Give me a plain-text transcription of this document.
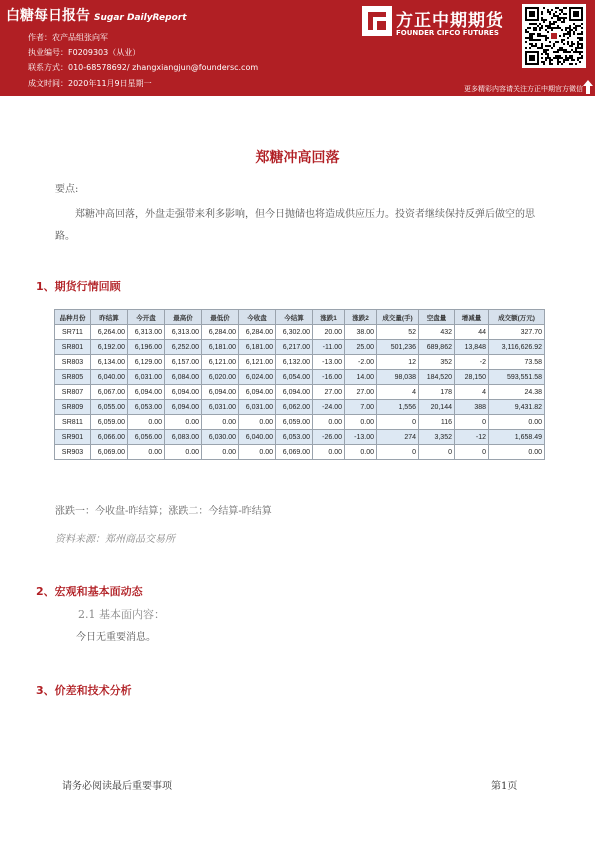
白糖每日报告 Sugar DailyReport
作者：农产品组张向军
执业编号：F0209303（从业）
联系方式：010-68578692/ zhangxiangjun@foundersc.com
成文时间：2020年11月9日星期一
方正中期期货
FOUNDER CIFCO FUTURES
更多精彩内容请关注方正中期官方微信
郑糖冲高回落
要点:
郑糖冲高回落，外盘走强带来利多影响，但今日抛储也将造成供应压力。投资者继续保持反弹后做空的思路。
1、期货行情回顾
品种月份	昨结算	今开盘	最高价	最低价	今收盘	今结算	涨跌1	涨跌2	成交量(手)	空盘量	增减量	成交额(万元)
SR711	6,264.00	6,313.00	6,313.00	6,284.00	6,284.00	6,302.00	20.00	38.00	52	432	44	327.70
SR801	6,192.00	6,196.00	6,252.00	6,181.00	6,181.00	6,217.00	-11.00	25.00	501,236	689,862	13,848	3,116,626.92
SR803	6,134.00	6,129.00	6,157.00	6,121.00	6,121.00	6,132.00	-13.00	-2.00	12	352	-2	73.58
SR805	6,040.00	6,031.00	6,084.00	6,020.00	6,024.00	6,054.00	-16.00	14.00	98,038	184,520	28,150	593,551.58
SR807	6,067.00	6,094.00	6,094.00	6,094.00	6,094.00	6,094.00	27.00	27.00	4	178	4	24.38
SR809	6,055.00	6,053.00	6,094.00	6,031.00	6,031.00	6,062.00	-24.00	7.00	1,556	20,144	388	9,431.82
SR811	6,059.00	0.00	0.00	0.00	0.00	6,059.00	0.00	0.00	0	116	0	0.00
SR901	6,066.00	6,056.00	6,083.00	6,030.00	6,040.00	6,053.00	-26.00	-13.00	274	3,352	-12	1,658.49
SR903	6,069.00	0.00	0.00	0.00	0.00	6,069.00	0.00	0.00	0	0	0	0.00
涨跌一：今收盘-昨结算；涨跌二：今结算-昨结算
资料来源：郑州商品交易所
2、宏观和基本面动态
2.1 基本面内容：
今日无重要消息。
3、价差和技术分析
请务必阅读最后重要事项	第1页
